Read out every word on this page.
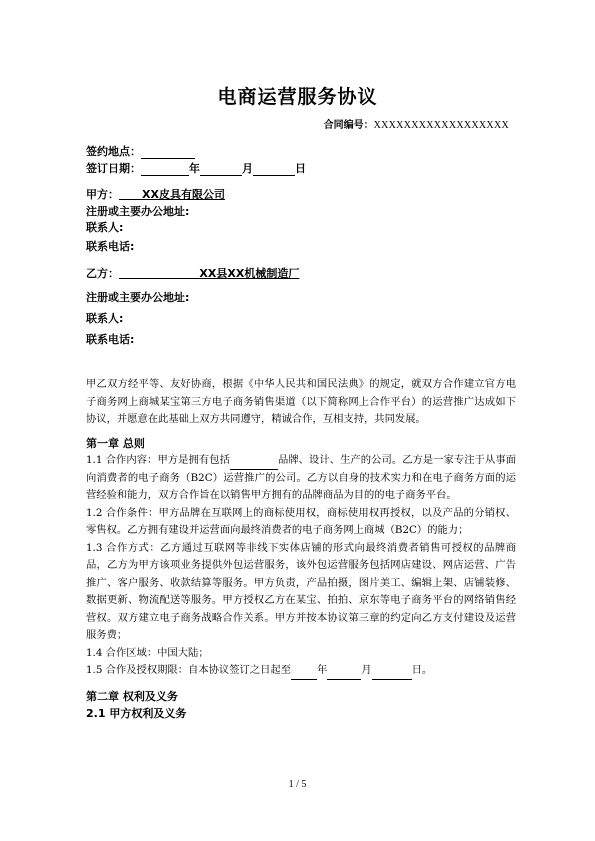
电商运营服务协议
合同编号：XXXXXXXXXXXXXXXXXX
签约地点：
签订日期：	年	月	日
甲方： XX皮具有限公司
注册或主要办公地址:
联系人:
联系电话:
乙方：	XX县XX机械制造厂
注册或主要办公地址:
联系人:
联系电话:

甲乙双方经平等、友好协商，根据《中华人民共和国民法典》的规定，就双方合作建立官方电子商务网上商城某宝第三方电子商务销售渠道（以下简称网上合作平台）的运营推广达成如下协议，并愿意在此基础上双方共同遵守，精诚合作，互相支持，共同发展。

第一章 总则

1.1 合作内容：甲方是拥有包括	品牌、设计、生产的公司。乙方是一家专注于从事面向消费者的电子商务（B2C）运营推广的公司。乙方以自身的技术实力和在电子商务方面的运营经验和能力，双方合作旨在以销售甲方拥有的品牌商品为目的的电子商务平台。

1.2 合作条件：甲方品牌在互联网上的商标使用权，商标使用权再授权，以及产品的分销权、零售权。乙方拥有建设并运营面向最终消费者的电子商务网上商城（B2C）的能力；

1.3 合作方式：乙方通过互联网等非线下实体店铺的形式向最终消费者销售可授权的品牌商品，乙方为甲方该项业务提供外包运营服务，该外包运营服务包括网店建设、网店运营、广告推广、客户服务、收款结算等服务。甲方负责，产品拍摄，图片美工、编辑上架、店铺装修、数据更新、物流配送等服务。甲方授权乙方在某宝、拍拍、京东等电子商务平台的网络销售经营权。双方建立电子商务战略合作关系。甲方并按本协议第三章的约定向乙方支付建设及运营服务费；

1.4 合作区域：中国大陆；

1.5 合作及授权期限：自本协议签订之日起至	年	月	日。

第二章 权利及义务

2.1 甲方权利及义务

1 / 5
